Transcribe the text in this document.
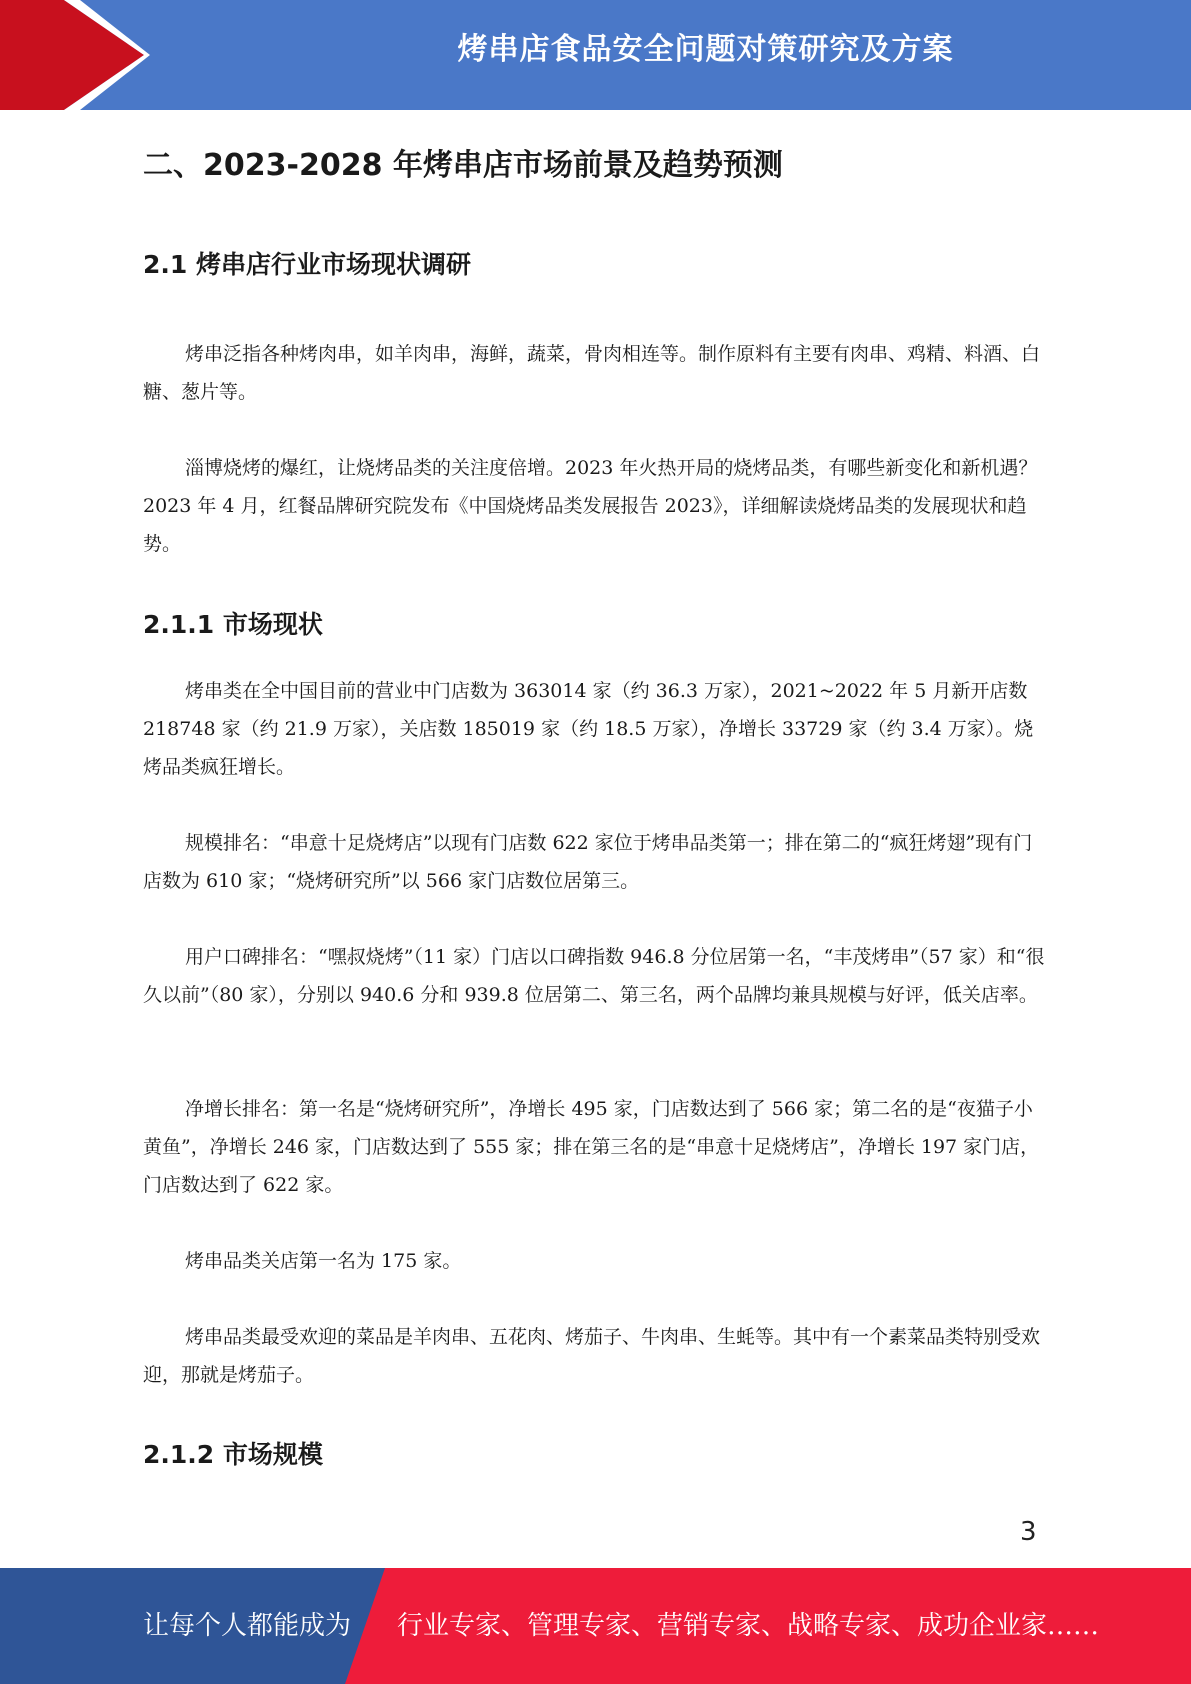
烤串店食品安全问题对策研究及方案
二、2023-2028 年烤串店市场前景及趋势预测
2.1 烤串店行业市场现状调研

烤串泛指各种烤肉串，如羊肉串，海鲜，蔬菜，骨肉相连等。制作原料有主要有肉串、鸡精、料酒、白糖、葱片等。

淄博烧烤的爆红，让烧烤品类的关注度倍增。2023 年火热开局的烧烤品类，有哪些新变化和新机遇？2023 年 4 月，红餐品牌研究院发布《中国烧烤品类发展报告 2023》，详细解读烧烤品类的发展现状和趋势。

2.1.1 市场现状

烤串类在全中国目前的营业中门店数为 363014 家（约 36.3 万家），2021~2022 年 5 月新开店数 218748 家（约 21.9 万家），关店数 185019 家（约 18.5 万家），净增长 33729 家（约 3.4 万家）。烧烤品类疯狂增长。

规模排名：“串意十足烧烤店”以现有门店数 622 家位于烤串品类第一；排在第二的“疯狂烤翅”现有门店数为 610 家；“烧烤研究所”以 566 家门店数位居第三。

用户口碑排名：“嘿叔烧烤”（11 家）门店以口碑指数 946.8 分位居第一名，“丰茂烤串”（57 家）和“很久以前”（80 家），分别以 940.6 分和 939.8 位居第二、第三名，两个品牌均兼具规模与好评，低关店率。

净增长排名：第一名是“烧烤研究所”，净增长 495 家，门店数达到了 566 家；第二名的是“夜猫子小黄鱼”，净增长 246 家，门店数达到了 555 家；排在第三名的是“串意十足烧烤店”，净增长 197 家门店，门店数达到了 622 家。

烤串品类关店第一名为 175 家。

烤串品类最受欢迎的菜品是羊肉串、五花肉、烤茄子、牛肉串、生蚝等。其中有一个素菜品类特别受欢迎，那就是烤茄子。

2.1.2 市场规模
3
让每个人都能成为 行业专家、管理专家、营销专家、战略专家、成功企业家……
